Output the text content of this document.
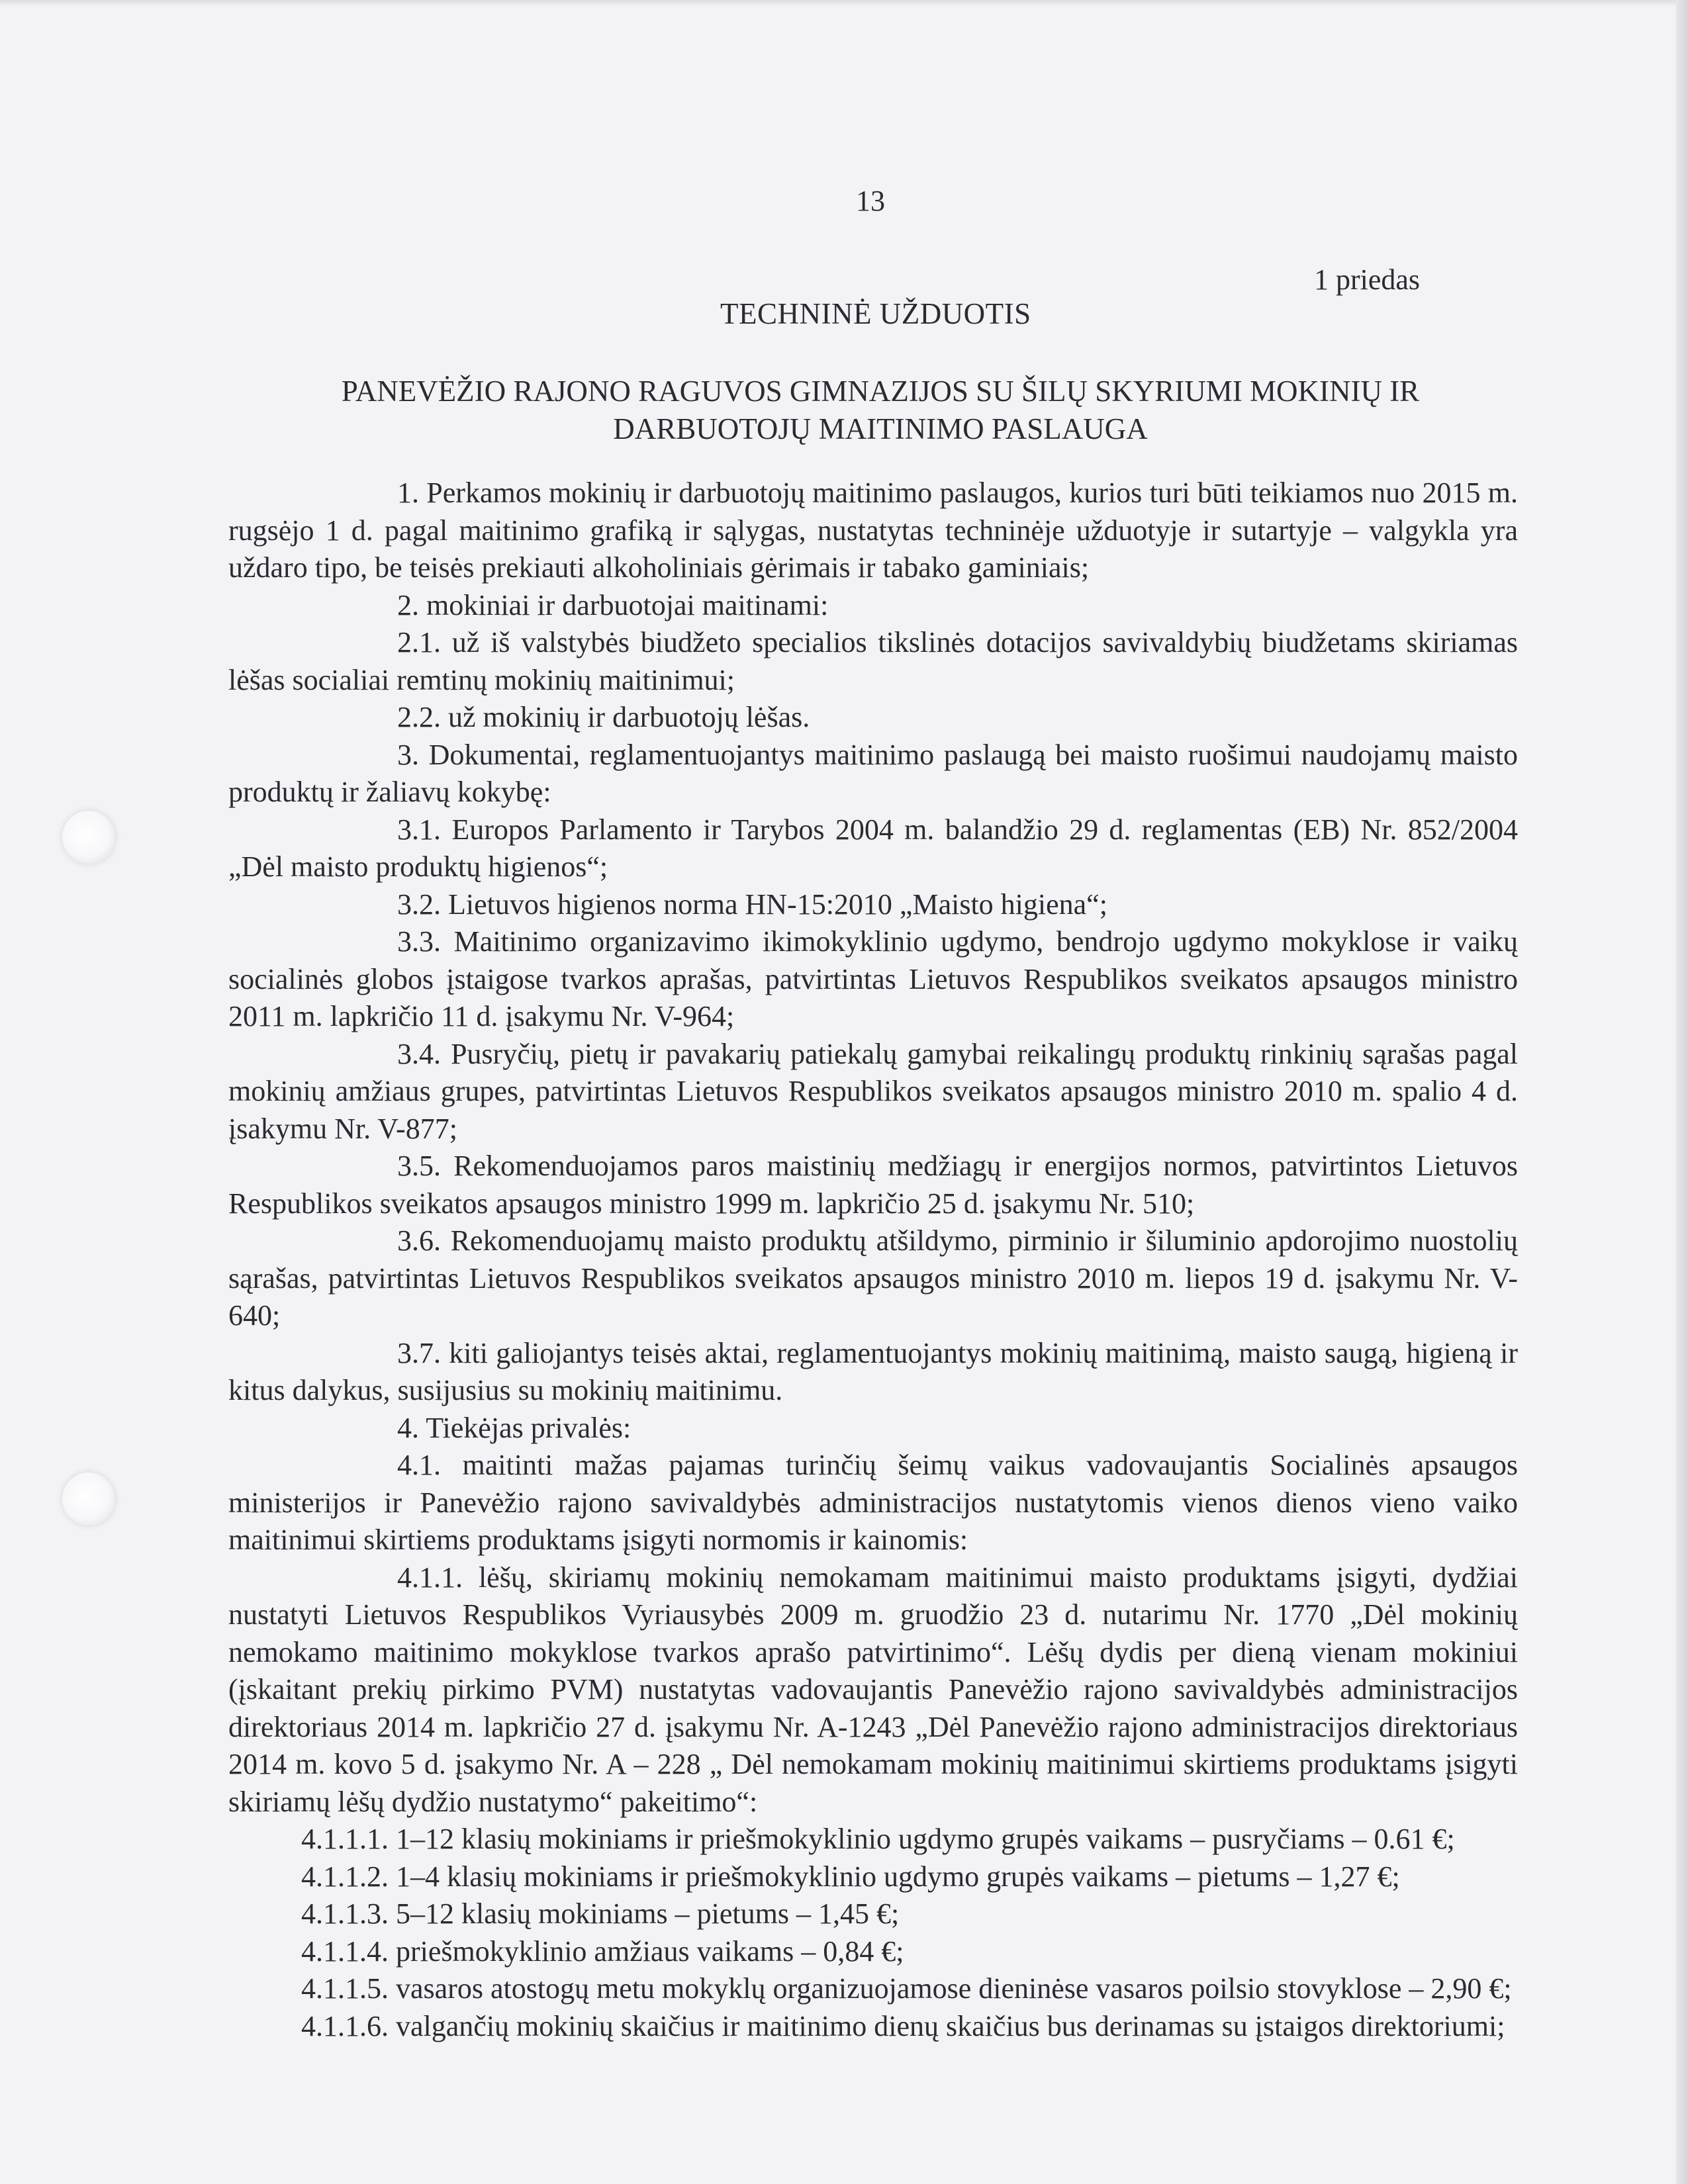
13
1 priedas
TECHNINĖ UŽDUOTIS
PANEVĖŽIO RAJONO RAGUVOS GIMNAZIJOS SU ŠILŲ SKYRIUMI MOKINIŲ IR
DARBUOTOJŲ MAITINIMO PASLAUGA

1. Perkamos mokinių ir darbuotojų maitinimo paslaugos, kurios turi būti teikiamos nuo 2015 m. rugsėjo 1 d. pagal maitinimo grafiką ir sąlygas, nustatytas techninėje užduotyje ir sutartyje – valgykla yra uždaro tipo, be teisės prekiauti alkoholiniais gėrimais ir tabako gaminiais;

2. mokiniai ir darbuotojai maitinami:

2.1. už iš valstybės biudžeto specialios tikslinės dotacijos savivaldybių biudžetams skiriamas lėšas socialiai remtinų mokinių maitinimui;

2.2. už mokinių ir darbuotojų lėšas.

3. Dokumentai, reglamentuojantys maitinimo paslaugą bei maisto ruošimui naudojamų maisto produktų ir žaliavų kokybę:

3.1. Europos Parlamento ir Tarybos 2004 m. balandžio 29 d. reglamentas (EB) Nr. 852/2004 „Dėl maisto produktų higienos“;

3.2. Lietuvos higienos norma HN-15:2010 „Maisto higiena“;

3.3. Maitinimo organizavimo ikimokyklinio ugdymo, bendrojo ugdymo mokyklose ir vaikų socialinės globos įstaigose tvarkos aprašas, patvirtintas Lietuvos Respublikos sveikatos apsaugos ministro 2011 m. lapkričio 11 d. įsakymu Nr. V-964;

3.4. Pusryčių, pietų ir pavakarių patiekalų gamybai reikalingų produktų rinkinių sąrašas pagal mokinių amžiaus grupes, patvirtintas Lietuvos Respublikos sveikatos apsaugos ministro 2010 m. spalio 4 d. įsakymu Nr. V-877;

3.5. Rekomenduojamos paros maistinių medžiagų ir energijos normos, patvirtintos Lietuvos Respublikos sveikatos apsaugos ministro 1999 m. lapkričio 25 d. įsakymu Nr. 510;

3.6. Rekomenduojamų maisto produktų atšildymo, pirminio ir šiluminio apdorojimo nuostolių sąrašas, patvirtintas Lietuvos Respublikos sveikatos apsaugos ministro 2010 m. liepos 19 d. įsakymu Nr. V-640;

3.7. kiti galiojantys teisės aktai, reglamentuojantys mokinių maitinimą, maisto saugą, higieną ir kitus dalykus, susijusius su mokinių maitinimu.

4. Tiekėjas privalės:

4.1. maitinti mažas pajamas turinčių šeimų vaikus vadovaujantis Socialinės apsaugos ministerijos ir Panevėžio rajono savivaldybės administracijos nustatytomis vienos dienos vieno vaiko maitinimui skirtiems produktams įsigyti normomis ir kainomis:

4.1.1. lėšų, skiriamų mokinių nemokamam maitinimui maisto produktams įsigyti, dydžiai nustatyti Lietuvos Respublikos Vyriausybės 2009 m. gruodžio 23 d. nutarimu Nr. 1770 „Dėl mokinių nemokamo maitinimo mokyklose tvarkos aprašo patvirtinimo“. Lėšų dydis per dieną vienam mokiniui (įskaitant prekių pirkimo PVM) nustatytas vadovaujantis Panevėžio rajono savivaldybės administracijos direktoriaus 2014 m. lapkričio 27 d. įsakymu Nr. A-1243 „Dėl Panevėžio rajono administracijos direktoriaus 2014 m. kovo 5 d. įsakymo Nr. A – 228 „ Dėl nemokamam mokinių maitinimui skirtiems produktams įsigyti skiriamų lėšų dydžio nustatymo“ pakeitimo“:

4.1.1.1. 1–12 klasių mokiniams ir priešmokyklinio ugdymo grupės vaikams – pusryčiams – 0.61 €;

4.1.1.2. 1–4 klasių mokiniams ir priešmokyklinio ugdymo grupės vaikams – pietums – 1,27 €;

4.1.1.3. 5–12 klasių mokiniams – pietums – 1,45 €;

4.1.1.4. priešmokyklinio amžiaus vaikams – 0,84 €;

4.1.1.5. vasaros atostogų metu mokyklų organizuojamose dieninėse vasaros poilsio stovyklose – 2,90 €;

4.1.1.6. valgančių mokinių skaičius ir maitinimo dienų skaičius bus derinamas su įstaigos direktoriumi;
